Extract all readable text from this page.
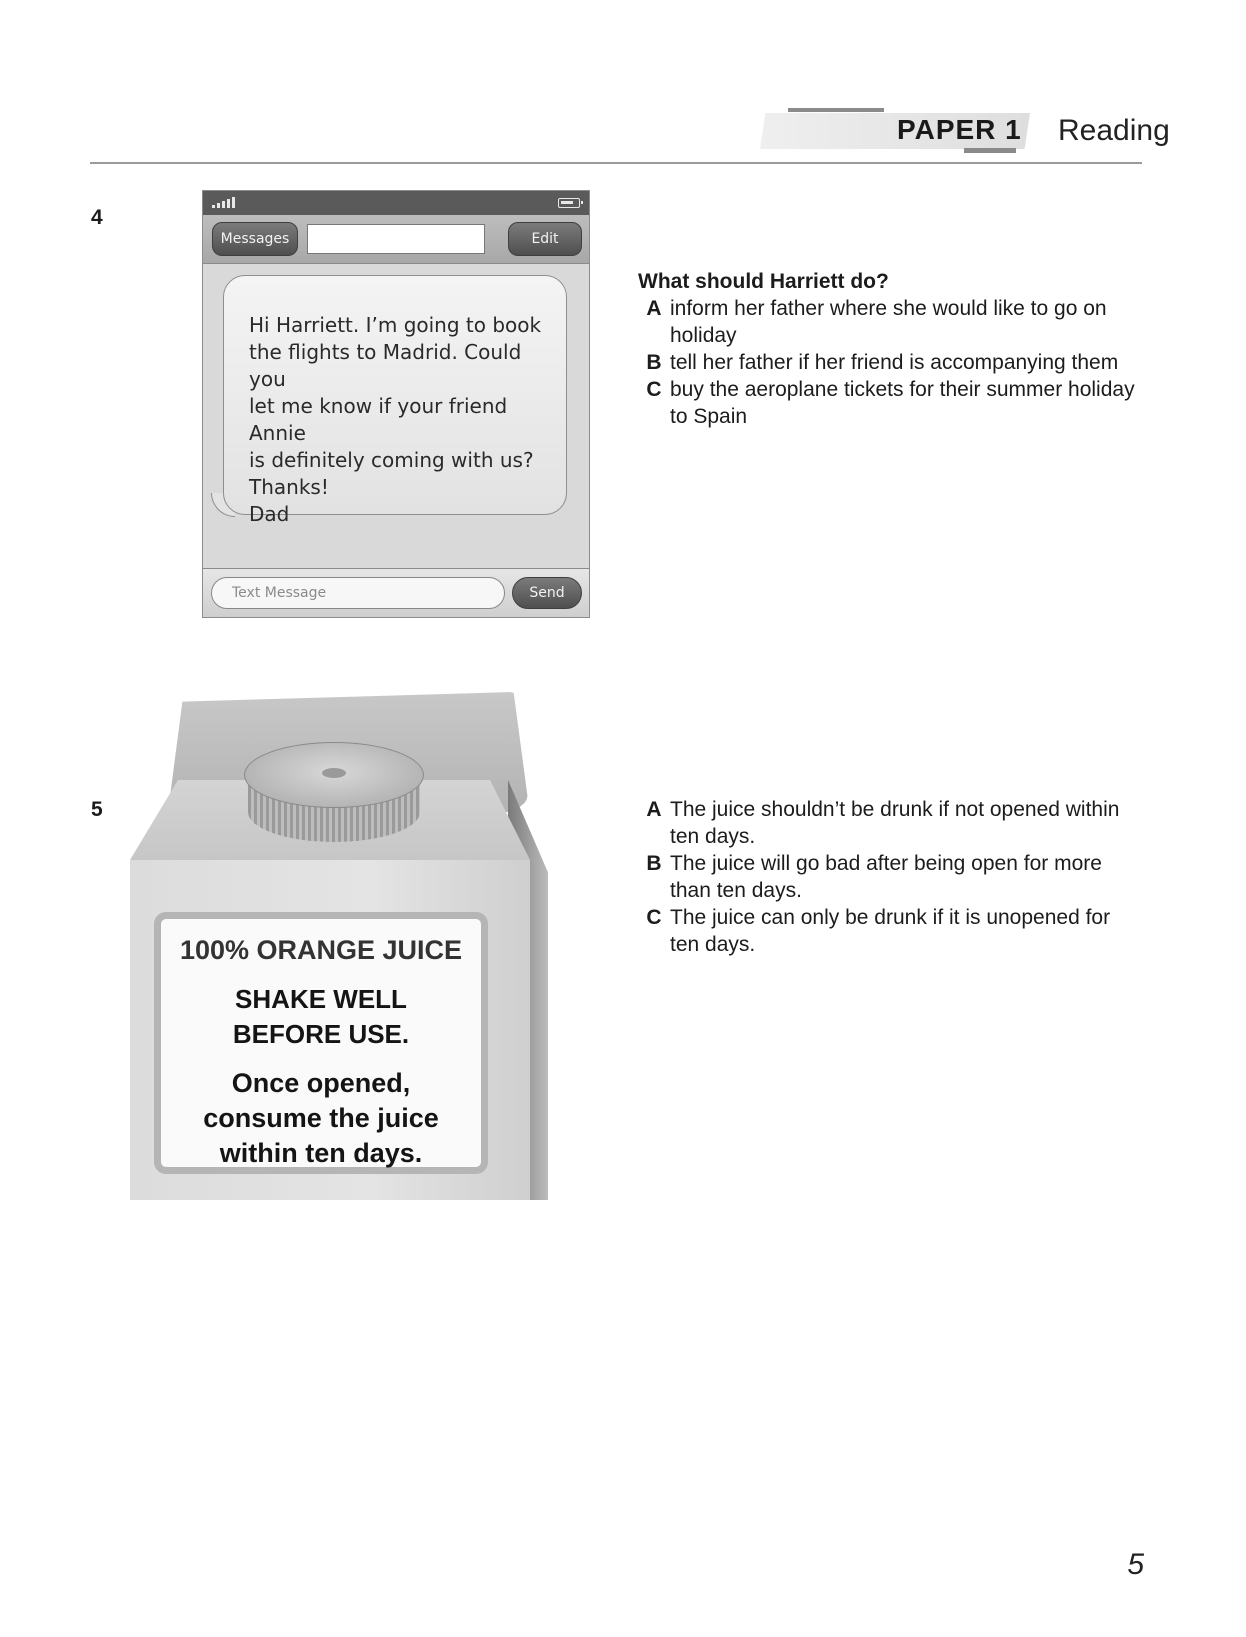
PAPER 1 Reading
4
Messages	Edit

Hi Harriett. I’m going to book
the flights to Madrid. Could you
let me know if your friend Annie
is definitely coming with us?
Thanks!
Dad

Text Message	Send
What should Harriett do?
A inform her father where she would like to go on holiday
B tell her father if her friend is accompanying them
C buy the aeroplane tickets for their summer holiday to Spain
5
100% ORANGE JUICE
SHAKE WELL
BEFORE USE.
Once opened,
consume the juice
within ten days.
A The juice shouldn’t be drunk if not opened within ten days.
B The juice will go bad after being open for more than ten days.
C The juice can only be drunk if it is unopened for ten days.
5
